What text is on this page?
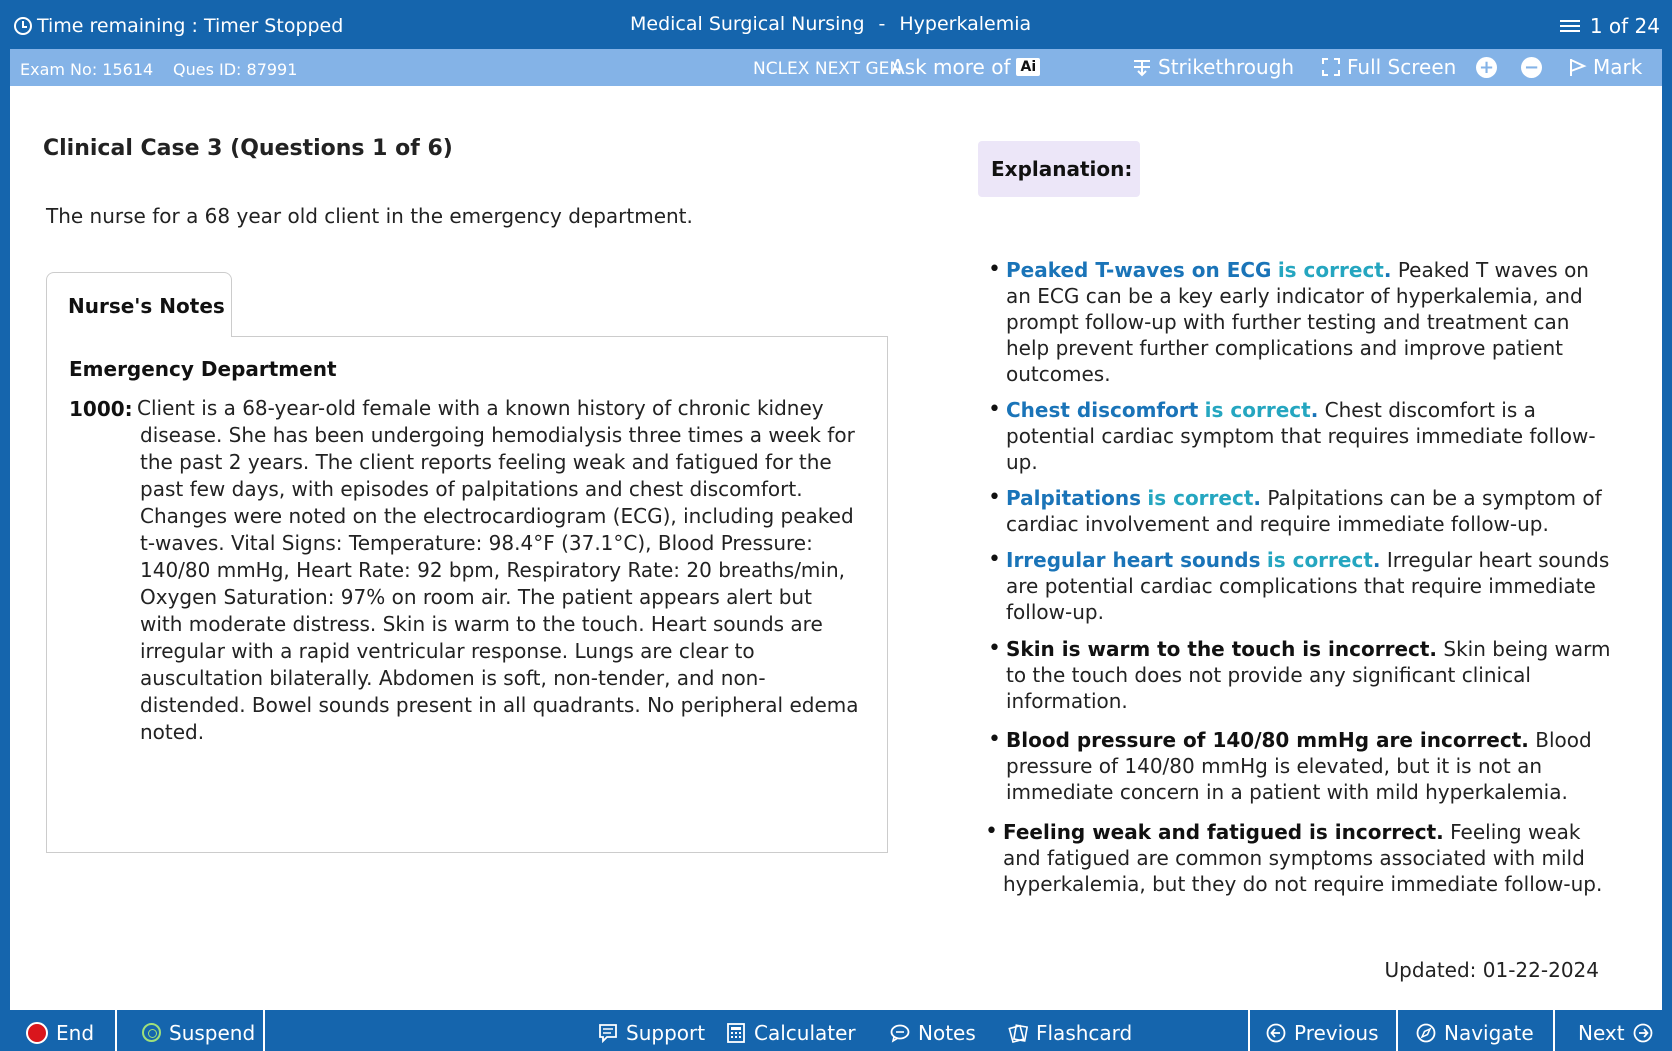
Time remaining : Timer Stopped	Medical Surgical Nursing - Hyperkalemia	1 of 24
Exam No: 15614 Ques ID: 87991	NCLEX NEXT GEN
Ask more of Ai	Strikethrough	Full Screen + −	Mark
Clinical Case 3 (Questions 1 of 6)
The nurse for a 68 year old client in the emergency department.
Nurse's Notes
Emergency Department
1000: Client is a 68-year-old female with a known history of chronic kidney disease. She has been undergoing hemodialysis three times a week for the past 2 years. The client reports feeling weak and fatigued for the past few days, with episodes of palpitations and chest discomfort. Changes were noted on the electrocardiogram (ECG), including peaked t-waves. Vital Signs: Temperature: 98.4°F (37.1°C), Blood Pressure: 140/80 mmHg, Heart Rate: 92 bpm, Respiratory Rate: 20 breaths/min, Oxygen Saturation: 97% on room air. The patient appears alert but with moderate distress. Skin is warm to the touch. Heart sounds are irregular with a rapid ventricular response. Lungs are clear to auscultation bilaterally. Abdomen is soft, non-tender, and non-distended. Bowel sounds present in all quadrants. No peripheral edema noted.
Explanation:
• Peaked T-waves on ECG is correct. Peaked T waves on an ECG can be a key early indicator of hyperkalemia, and prompt follow-up with further testing and treatment can help prevent further complications and improve patient outcomes.
• Chest discomfort is correct. Chest discomfort is a potential cardiac symptom that requires immediate follow-up.
• Palpitations is correct. Palpitations can be a symptom of cardiac involvement and require immediate follow-up.
• Irregular heart sounds is correct. Irregular heart sounds are potential cardiac complications that require immediate follow-up.
• Skin is warm to the touch is incorrect. Skin being warm to the touch does not provide any significant clinical information.
• Blood pressure of 140/80 mmHg are incorrect. Blood pressure of 140/80 mmHg is elevated, but it is not an immediate concern in a patient with mild hyperkalemia.
• Feeling weak and fatigued is incorrect. Feeling weak and fatigued are common symptoms associated with mild hyperkalemia, but they do not require immediate follow-up.
Updated: 01-22-2024
End	Suspend	Support Calculater	Notes	Flashcard	Previous	Navigate Next
